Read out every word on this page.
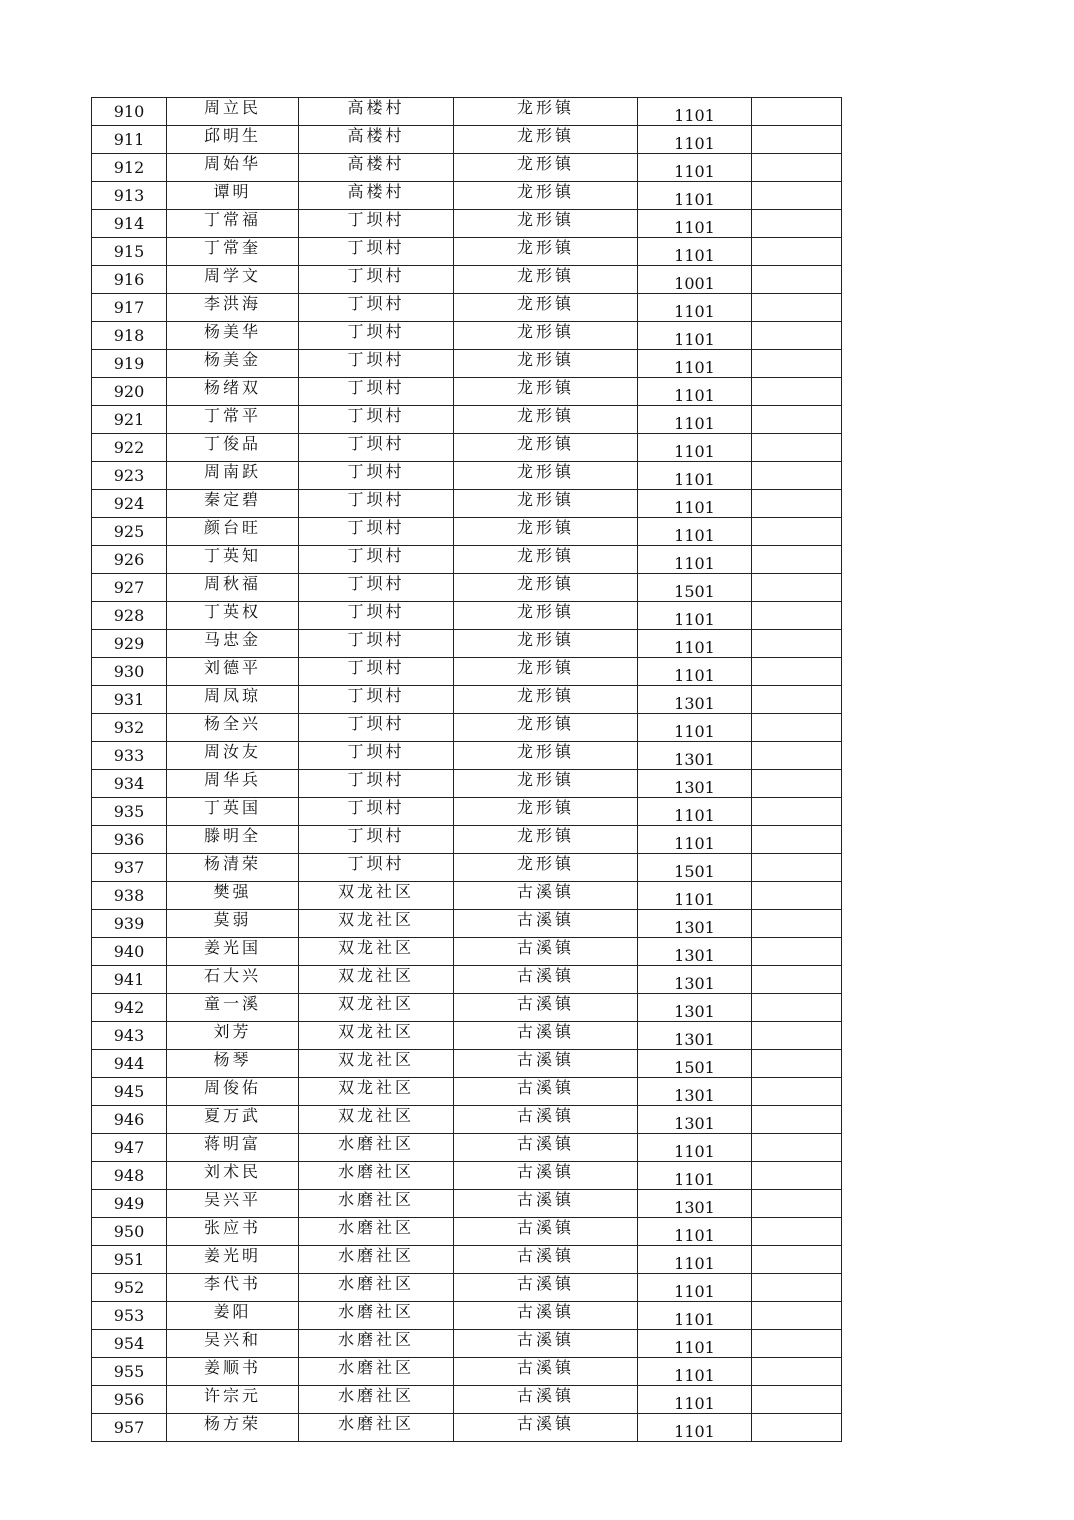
910	周立民	高楼村	龙形镇	1101	
911	邱明生	高楼村	龙形镇	1101	
912	周始华	高楼村	龙形镇	1101	
913	谭明	高楼村	龙形镇	1101	
914	丁常福	丁坝村	龙形镇	1101	
915	丁常奎	丁坝村	龙形镇	1101	
916	周学文	丁坝村	龙形镇	1001	
917	李洪海	丁坝村	龙形镇	1101	
918	杨美华	丁坝村	龙形镇	1101	
919	杨美金	丁坝村	龙形镇	1101	
920	杨绪双	丁坝村	龙形镇	1101	
921	丁常平	丁坝村	龙形镇	1101	
922	丁俊品	丁坝村	龙形镇	1101	
923	周南跃	丁坝村	龙形镇	1101	
924	秦定碧	丁坝村	龙形镇	1101	
925	颜台旺	丁坝村	龙形镇	1101	
926	丁英知	丁坝村	龙形镇	1101	
927	周秋福	丁坝村	龙形镇	1501	
928	丁英权	丁坝村	龙形镇	1101	
929	马忠金	丁坝村	龙形镇	1101	
930	刘德平	丁坝村	龙形镇	1101	
931	周凤琼	丁坝村	龙形镇	1301	
932	杨全兴	丁坝村	龙形镇	1101	
933	周汝友	丁坝村	龙形镇	1301	
934	周华兵	丁坝村	龙形镇	1301	
935	丁英国	丁坝村	龙形镇	1101	
936	滕明全	丁坝村	龙形镇	1101	
937	杨清荣	丁坝村	龙形镇	1501	
938	樊强	双龙社区	古溪镇	1101	
939	莫弱	双龙社区	古溪镇	1301	
940	姜光国	双龙社区	古溪镇	1301	
941	石大兴	双龙社区	古溪镇	1301	
942	童一溪	双龙社区	古溪镇	1301	
943	刘芳	双龙社区	古溪镇	1301	
944	杨琴	双龙社区	古溪镇	1501	
945	周俊佑	双龙社区	古溪镇	1301	
946	夏万武	双龙社区	古溪镇	1301	
947	蒋明富	水磨社区	古溪镇	1101	
948	刘术民	水磨社区	古溪镇	1101	
949	吴兴平	水磨社区	古溪镇	1301	
950	张应书	水磨社区	古溪镇	1101	
951	姜光明	水磨社区	古溪镇	1101	
952	李代书	水磨社区	古溪镇	1101	
953	姜阳	水磨社区	古溪镇	1101	
954	吴兴和	水磨社区	古溪镇	1101	
955	姜顺书	水磨社区	古溪镇	1101	
956	许宗元	水磨社区	古溪镇	1101	
957	杨方荣	水磨社区	古溪镇	1101	
